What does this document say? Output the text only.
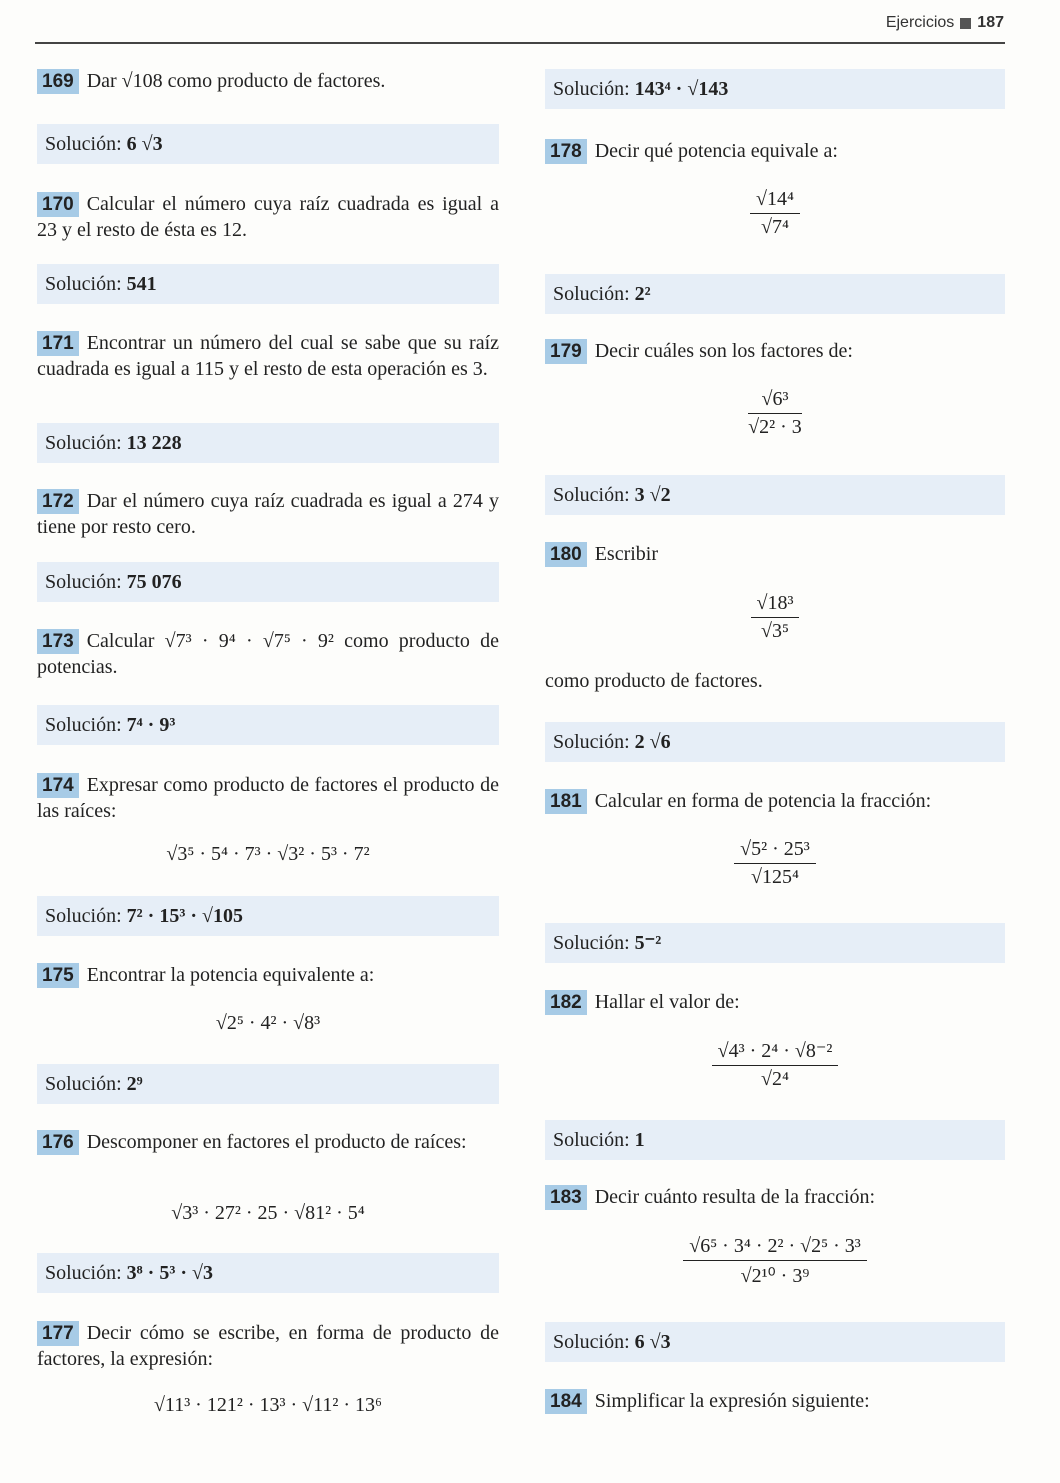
Ejercicios 187
169 Dar √108 como producto de factores.
Solución: 6 √3
170 Calcular el número cuya raíz cuadrada es igual a 23 y el resto de ésta es 12.
Solución: 541
171 Encontrar un número del cual se sabe que su raíz cuadrada es igual a 115 y el resto de esta operación es 3.
Solución: 13 228
172 Dar el número cuya raíz cuadrada es igual a 274 y tiene por resto cero.
Solución: 75 076
173 Calcular √7³ · 9⁴ · √7⁵ · 9² como producto de potencias.
Solución: 7⁴ · 9³
174 Expresar como producto de factores el producto de las raíces:
√3⁵ · 5⁴ · 7³ · √3² · 5³ · 7²
Solución: 7² · 15³ · √105
175 Encontrar la potencia equivalente a:
√2⁵ · 4² · √8³
Solución: 2⁹
176 Descomponer en factores el producto de raíces:
√3³ · 27² · 25 · √81² · 5⁴
Solución: 3⁸ · 5³ · √3
177 Decir cómo se escribe, en forma de producto de factores, la expresión:
√11³ · 121² · 13³ · √11² · 13⁶
Solución: 143⁴ · √143
178 Decir qué potencia equivale a:
$\frac{\text{√14⁴}}{\text{√7⁴}}$
Solución: 2²
179 Decir cuáles son los factores de:
$\frac{\text{√6³}}{\text{√2² · 3}}$
Solución: 3 √2
180 Escribir
$\frac{\text{√18³}}{\text{√3⁵}}$
como producto de factores.
Solución: 2 √6
181 Calcular en forma de potencia la fracción:
$\frac{\text{√5² · 25³}}{\text{√125⁴}}$
Solución: 5⁻²
182 Hallar el valor de:
$\frac{\text{√4³ · 2⁴ · √8⁻²}}{\text{√2⁴}}$
Solución: 1
183 Decir cuánto resulta de la fracción:
$\frac{\text{√6⁵ · 3⁴ · 2² · √2⁵ · 3³}}{\text{√2¹⁰ · 3⁹}}$
Solución: 6 √3
184 Simplificar la expresión siguiente:
